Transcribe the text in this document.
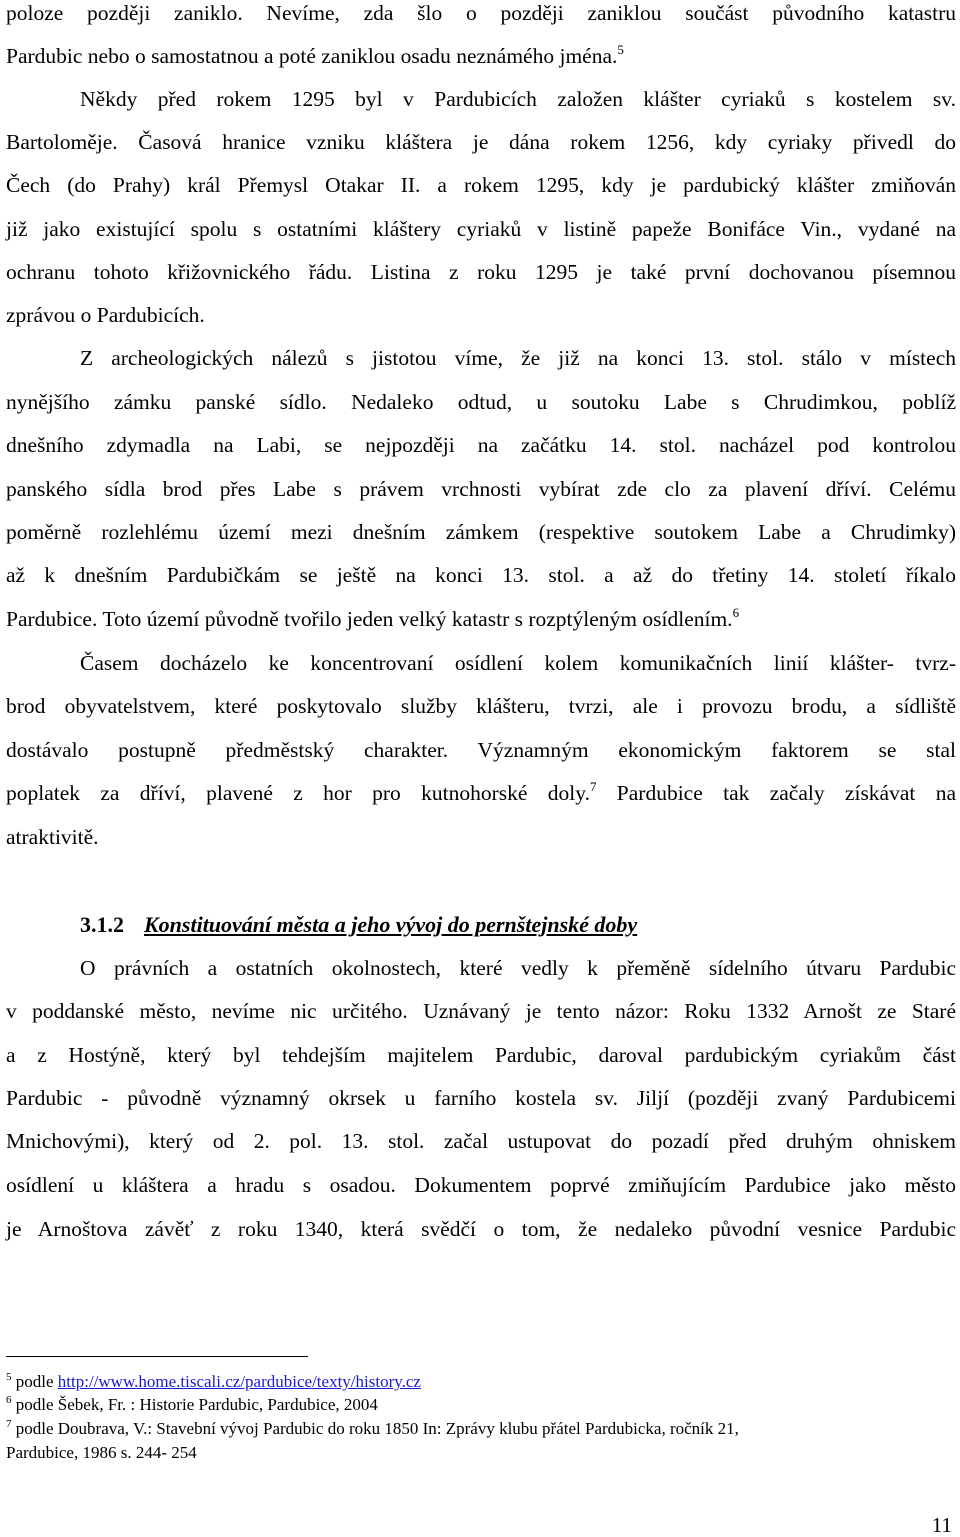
poloze později zaniklo. Nevíme, zda šlo o později zaniklou součást původního katastru
Pardubic nebo o samostatnou a poté zaniklou osadu neznámého jména.$^5$
Někdy před rokem 1295 byl v Pardubicích založen klášter cyriaků s kostelem sv.
Bartoloměje. Časová hranice vzniku kláštera je dána rokem 1256, kdy cyriaky přivedl do
Čech (do Prahy) král Přemysl Otakar II. a rokem 1295, kdy je pardubický klášter zmiňován
již jako existující spolu s ostatními kláštery cyriaků v listině papeže Bonifáce Vin., vydané na
ochranu tohoto křižovnického řádu. Listina z roku 1295 je také první dochovanou písemnou
zprávou o Pardubicích.
Z archeologických nálezů s jistotou víme, že již na konci 13. stol. stálo v místech
nynějšího zámku panské sídlo. Nedaleko odtud, u soutoku Labe s Chrudimkou, poblíž
dnešního zdymadla na Labi, se nejpozději na začátku 14. stol. nacházel pod kontrolou
panského sídla brod přes Labe s právem vrchnosti vybírat zde clo za plavení dříví. Celému
poměrně rozlehlému území mezi dnešním zámkem (respektive soutokem Labe a Chrudimky)
až k dnešním Pardubičkám se ještě na konci 13. stol. a až do třetiny 14. století říkalo
Pardubice. Toto území původně tvořilo jeden velký katastr s rozptýleným osídlením.$^6$
Časem docházelo ke koncentrovaní osídlení kolem komunikačních linií klášter- tvrz-
brod obyvatelstvem, které poskytovalo služby klášteru, tvrzi, ale i provozu brodu, a sídliště
dostávalo postupně předměstský charakter. Významným ekonomickým faktorem se stal
poplatek za dříví, plavené z hor pro kutnohorské doly.$^7$ Pardubice tak začaly získávat na
atraktivitě.
3.1.2 Konstituování města a jeho vývoj do pernštejnské doby
O právních a ostatních okolnostech, které vedly k přeměně sídelního útvaru Pardubic
v poddanské město, nevíme nic určitého. Uznávaný je tento názor: Roku 1332 Arnošt ze Staré
a z Hostýně, který byl tehdejším majitelem Pardubic, daroval pardubickým cyriakům část
Pardubic - původně významný okrsek u farního kostela sv. Jiljí (později zvaný Pardubicemi
Mnichovými), který od 2. pol. 13. stol. začal ustupovat do pozadí před druhým ohniskem
osídlení u kláštera a hradu s osadou. Dokumentem poprvé zmiňujícím Pardubice jako město
je Arnoštova závěť z roku 1340, která svědčí o tom, že nedaleko původní vesnice Pardubic
$^5$ podle http://www.home.tiscali.cz/pardubice/texty/history.cz
$^6$ podle Šebek, Fr. : Historie Pardubic, Pardubice, 2004
$^7$ podle Doubrava, V.: Stavební vývoj Pardubic do roku 1850 In: Zprávy klubu přátel Pardubicka, ročník 21,
Pardubice, 1986 s. 244- 254
11
